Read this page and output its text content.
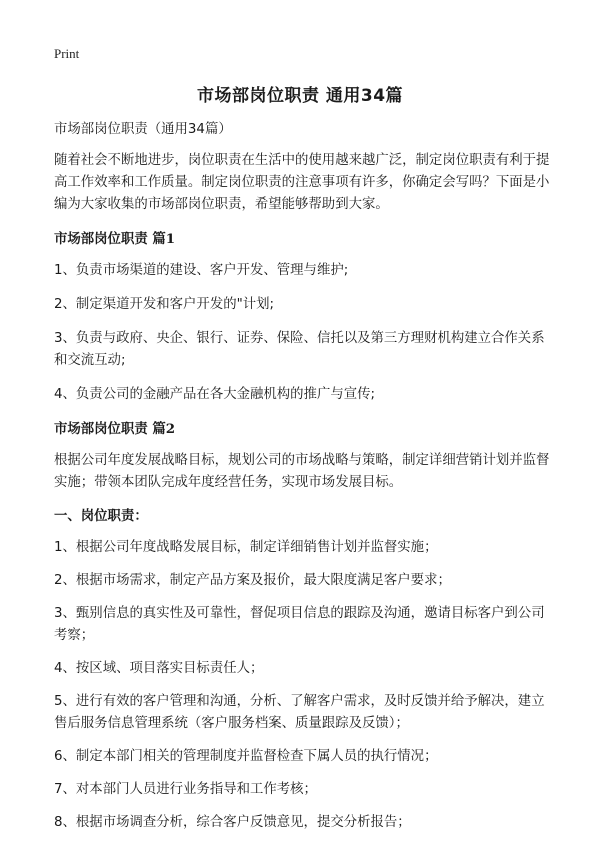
Print
市场部岗位职责 通用34篇

市场部岗位职责（通用34篇）

随着社会不断地进步，岗位职责在生活中的使用越来越广泛，制定岗位职责有利于提高工作效率和工作质量。制定岗位职责的注意事项有许多，你确定会写吗？下面是小编为大家收集的市场部岗位职责，希望能够帮助到大家。

市场部岗位职责 篇1

1、负责市场渠道的建设、客户开发、管理与维护;

2、制定渠道开发和客户开发的"计划;

3、负责与政府、央企、银行、证券、保险、信托以及第三方理财机构建立合作关系和交流互动;

4、负责公司的金融产品在各大金融机构的推广与宣传;

市场部岗位职责 篇2

根据公司年度发展战略目标，规划公司的市场战略与策略，制定详细营销计划并监督实施；带领本团队完成年度经营任务，实现市场发展目标。

一、岗位职责：

1、根据公司年度战略发展目标，制定详细销售计划并监督实施；

2、根据市场需求，制定产品方案及报价，最大限度满足客户要求；

3、甄别信息的真实性及可靠性，督促项目信息的跟踪及沟通，邀请目标客户到公司考察；

4、按区域、项目落实目标责任人；

5、进行有效的客户管理和沟通，分析、了解客户需求，及时反馈并给予解决，建立售后服务信息管理系统（客户服务档案、质量跟踪及反馈）；

6、制定本部门相关的管理制度并监督检查下属人员的执行情况；

7、对本部门人员进行业务指导和工作考核；

8、根据市场调查分析，综合客户反馈意见，提交分析报告；
